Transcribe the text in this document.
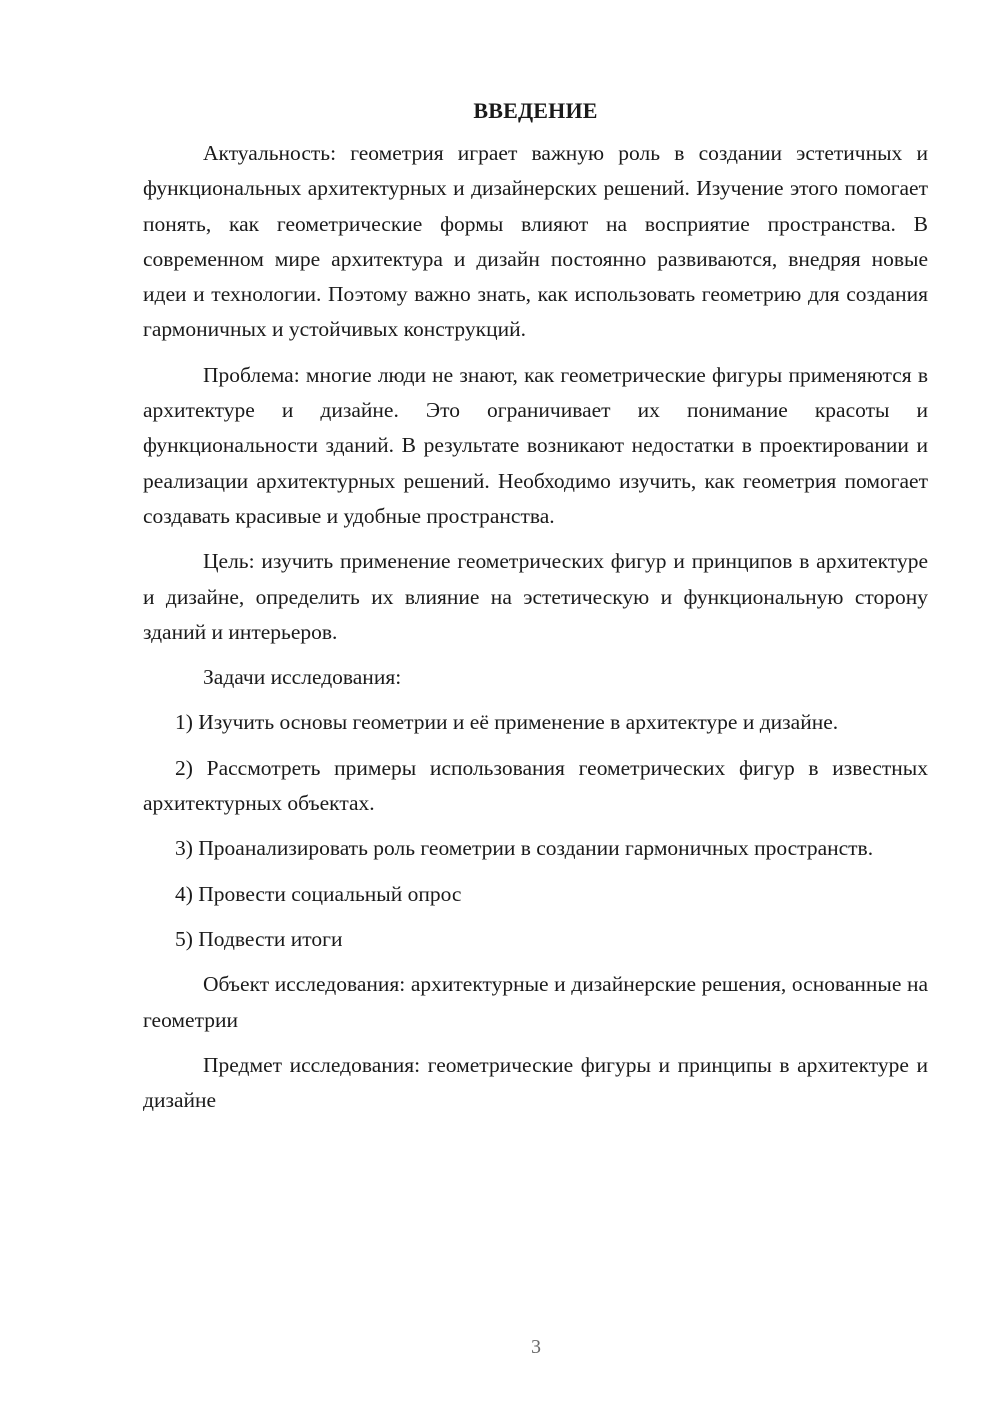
ВВЕДЕНИЕ

Актуальность: геометрия играет важную роль в создании эстетичных и функциональных архитектурных и дизайнерских решений. Изучение этого помогает понять, как геометрические формы влияют на восприятие пространства. В современном мире архитектура и дизайн постоянно развиваются, внедряя новые идеи и технологии. Поэтому важно знать, как использовать геометрию для создания гармоничных и устойчивых конструкций.

Проблема: многие люди не знают, как геометрические фигуры применяются в архитектуре и дизайне. Это ограничивает их понимание красоты и функциональности зданий. В результате возникают недостатки в проектировании и реализации архитектурных решений. Необходимо изучить, как геометрия помогает создавать красивые и удобные пространства.

Цель: изучить применение геометрических фигур и принципов в архитектуре и дизайне, определить их влияние на эстетическую и функциональную сторону зданий и интерьеров.

Задачи исследования:

1) Изучить основы геометрии и её применение в архитектуре и дизайне.

2) Рассмотреть примеры использования геометрических фигур в известных архитектурных объектах.

3) Проанализировать роль геометрии в создании гармоничных пространств.

4) Провести социальный опрос

5) Подвести итоги

Объект исследования: архитектурные и дизайнерские решения, основанные на геометрии

Предмет исследования: геометрические фигуры и принципы в архитектуре и дизайне

3
